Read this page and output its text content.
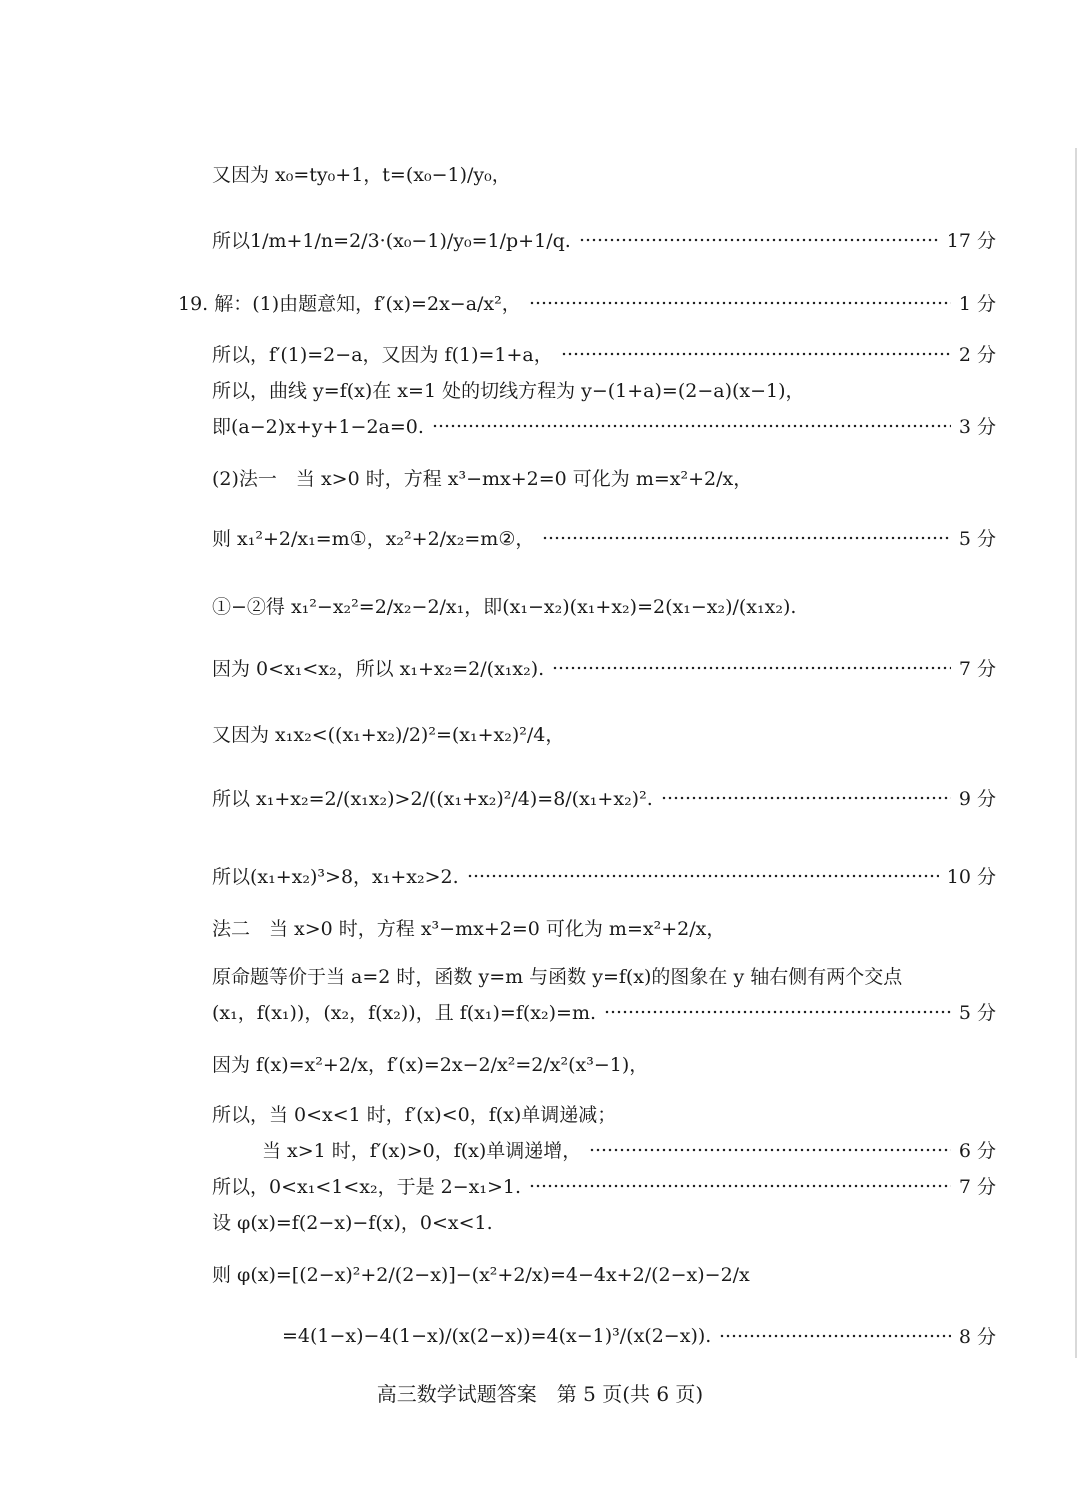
又因为 x₀=ty₀+1，t=(x₀−1)/y₀，
所以1/m+1/n=2/3·(x₀−1)/y₀=1/p+1/q.	17 分
19. 解：(1)由题意知，f′(x)=2x−a/x²，	1 分
所以，f′(1)=2−a，又因为 f(1)=1+a，	2 分
所以，曲线 y=f(x)在 x=1 处的切线方程为 y−(1+a)=(2−a)(x−1)，
即(a−2)x+y+1−2a=0.	3 分
(2)法一　当 x>0 时，方程 x³−mx+2=0 可化为 m=x²+2/x，
则 x₁²+2/x₁=m①，x₂²+2/x₂=m②，	5 分
①−②得 x₁²−x₂²=2/x₂−2/x₁，即(x₁−x₂)(x₁+x₂)=2(x₁−x₂)/(x₁x₂).
因为 0<x₁<x₂，所以 x₁+x₂=2/(x₁x₂).	7 分
又因为 x₁x₂<((x₁+x₂)/2)²=(x₁+x₂)²/4，
所以 x₁+x₂=2/(x₁x₂)>2/((x₁+x₂)²/4)=8/(x₁+x₂)².	9 分
所以(x₁+x₂)³>8，x₁+x₂>2.	10 分
法二　当 x>0 时，方程 x³−mx+2=0 可化为 m=x²+2/x，
原命题等价于当 a=2 时，函数 y=m 与函数 y=f(x)的图象在 y 轴右侧有两个交点
(x₁，f(x₁))，(x₂，f(x₂))，且 f(x₁)=f(x₂)=m.	5 分
因为 f(x)=x²+2/x，f′(x)=2x−2/x²=2/x²(x³−1)，
所以，当 0<x<1 时，f′(x)<0，f(x)单调递减；
当 x>1 时，f′(x)>0，f(x)单调递增，	6 分
所以，0<x₁<1<x₂，于是 2−x₁>1.	7 分
设 φ(x)=f(2−x)−f(x)，0<x<1.
则 φ(x)=[(2−x)²+2/(2−x)]−(x²+2/x)=4−4x+2/(2−x)−2/x
=4(1−x)−4(1−x)/(x(2−x))=4(x−1)³/(x(2−x)).	8 分
高三数学试题答案　第 5 页(共 6 页)
